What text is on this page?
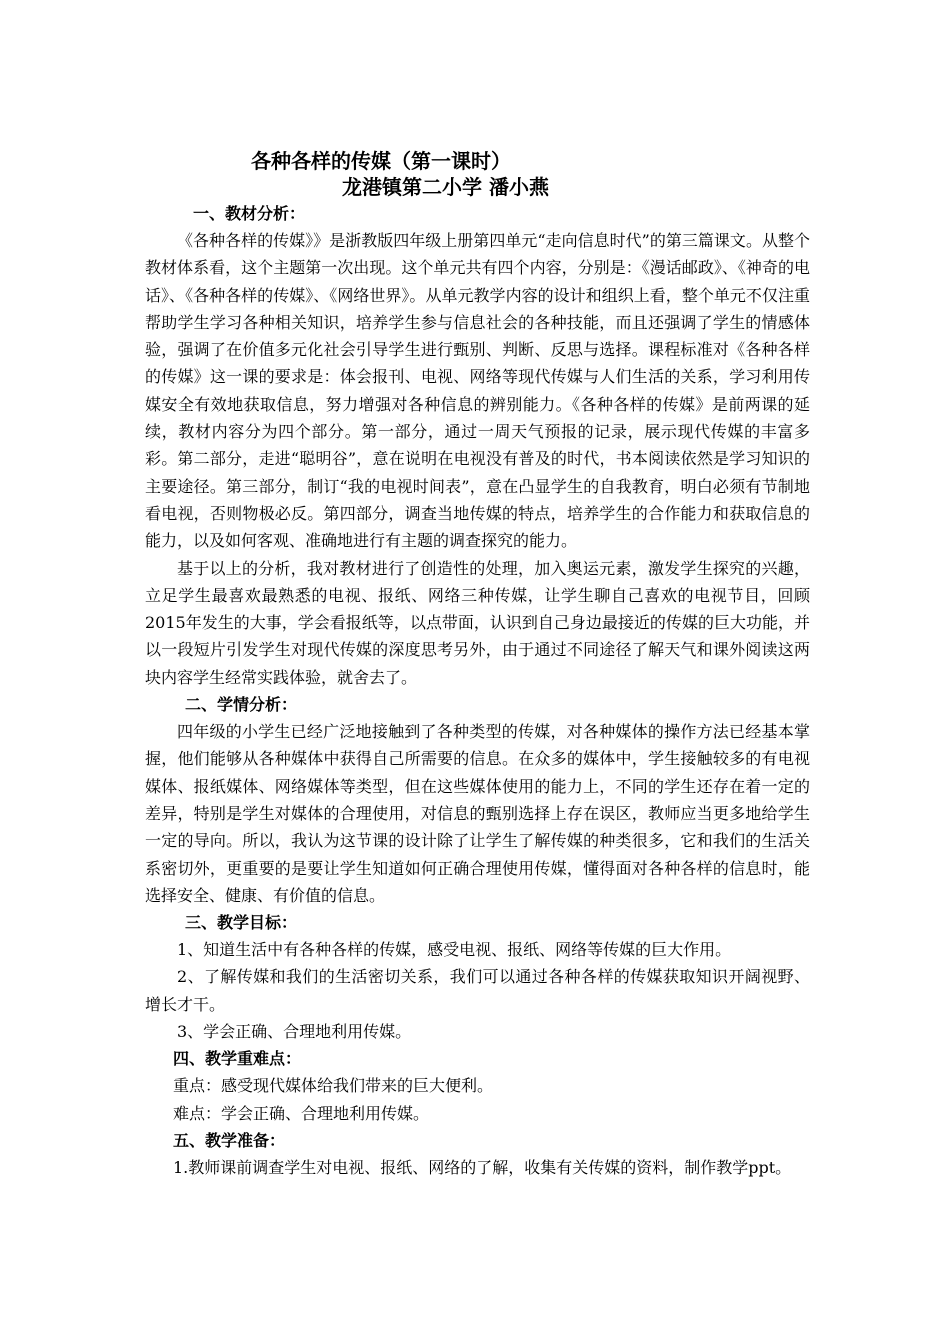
各种各样的传媒（第一课时）

龙港镇第二小学 潘小燕

一、教材分析：

《各种各样的传媒》》是浙教版四年级上册第四单元“走向信息时代”的第三篇课文。从整个教材体系看，这个主题第一次出现。这个单元共有四个内容，分别是：《漫话邮政》、《神奇的电话》、《各种各样的传媒》、《网络世界》。从单元教学内容的设计和组织上看，整个单元不仅注重帮助学生学习各种相关知识，培养学生参与信息社会的各种技能，而且还强调了学生的情感体验，强调了在价值多元化社会引导学生进行甄别、判断、反思与选择。课程标准对《各种各样的传媒》这一课的要求是：体会报刊、电视、网络等现代传媒与人们生活的关系，学习利用传媒安全有效地获取信息，努力增强对各种信息的辨别能力。《各种各样的传媒》是前两课的延续，教材内容分为四个部分。第一部分，通过一周天气预报的记录，展示现代传媒的丰富多彩。第二部分，走进“聪明谷”，意在说明在电视没有普及的时代，书本阅读依然是学习知识的主要途径。第三部分，制订“我的电视时间表”，意在凸显学生的自我教育，明白必须有节制地看电视，否则物极必反。第四部分，调查当地传媒的特点，培养学生的合作能力和获取信息的能力，以及如何客观、准确地进行有主题的调查探究的能力。

基于以上的分析，我对教材进行了创造性的处理，加入奥运元素，激发学生探究的兴趣，立足学生最喜欢最熟悉的电视、报纸、网络三种传媒，让学生聊自己喜欢的电视节目，回顾2015年发生的大事，学会看报纸等，以点带面，认识到自己身边最接近的传媒的巨大功能，并以一段短片引发学生对现代传媒的深度思考另外，由于通过不同途径了解天气和课外阅读这两块内容学生经常实践体验，就舍去了。

二、学情分析：

四年级的小学生已经广泛地接触到了各种类型的传媒，对各种媒体的操作方法已经基本掌握，他们能够从各种媒体中获得自己所需要的信息。在众多的媒体中，学生接触较多的有电视媒体、报纸媒体、网络媒体等类型，但在这些媒体使用的能力上，不同的学生还存在着一定的差异，特别是学生对媒体的合理使用，对信息的甄别选择上存在误区，教师应当更多地给学生一定的导向。所以，我认为这节课的设计除了让学生了解传媒的种类很多，它和我们的生活关系密切外，更重要的是要让学生知道如何正确合理使用传媒，懂得面对各种各样的信息时，能选择安全、健康、有价值的信息。

三、教学目标：

1、知道生活中有各种各样的传媒，感受电视、报纸、网络等传媒的巨大作用。

2、了解传媒和我们的生活密切关系，我们可以通过各种各样的传媒获取知识开阔视野、增长才干。

3、学会正确、合理地利用传媒。

四、教学重难点：

重点：感受现代媒体给我们带来的巨大便利。

难点：学会正确、合理地利用传媒。

五、教学准备：

1.教师课前调查学生对电视、报纸、网络的了解，收集有关传媒的资料，制作教学ppt。
